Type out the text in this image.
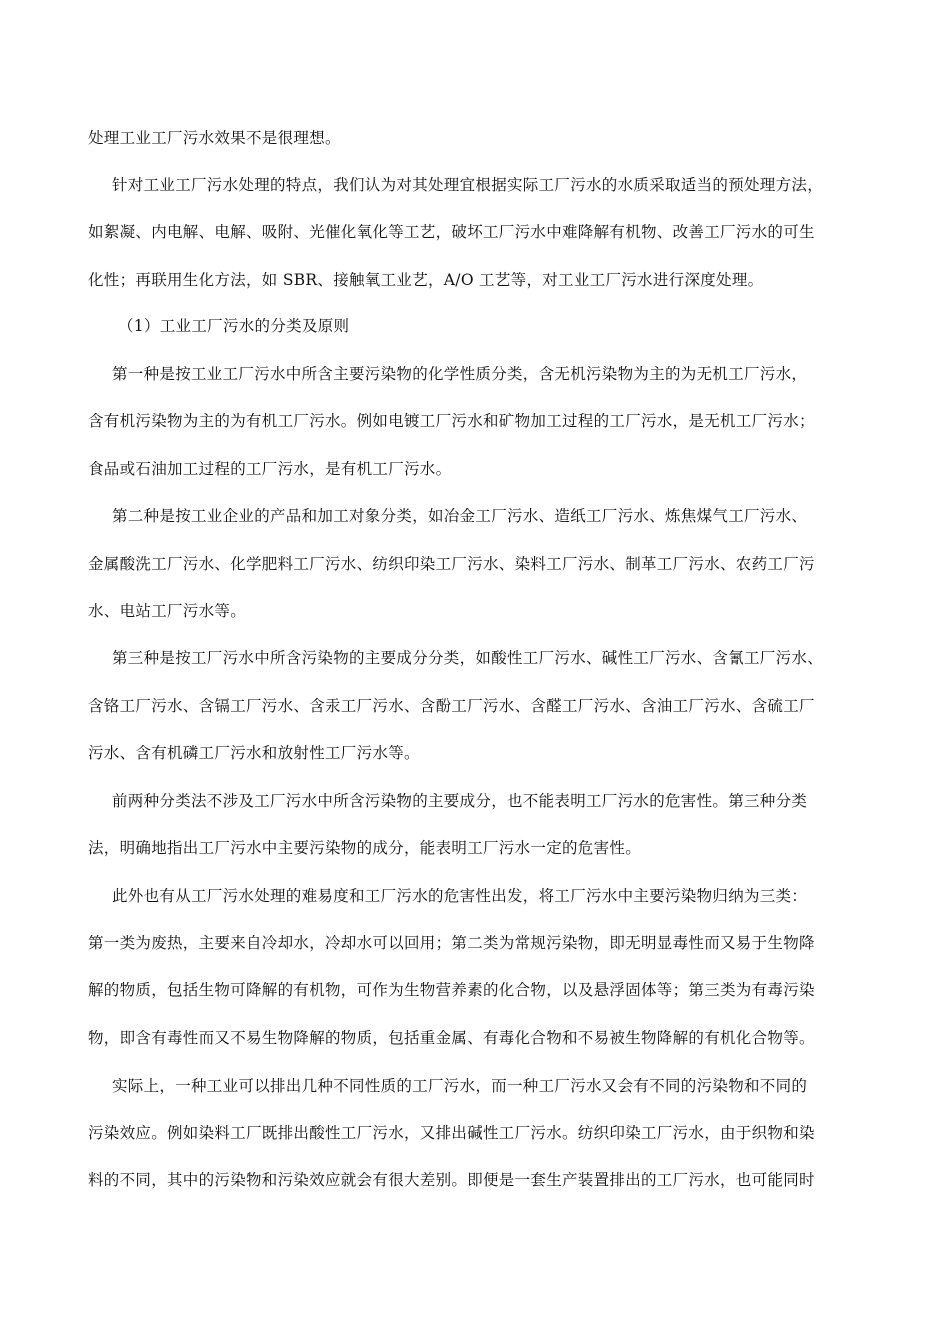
处理工业工厂污水效果不是很理想。
针对工业工厂污水处理的特点，我们认为对其处理宜根据实际工厂污水的水质采取适当的预处理方法，
如絮凝、内电解、电解、吸附、光催化氧化等工艺，破坏工厂污水中难降解有机物、改善工厂污水的可生
化性；再联用生化方法，如 SBR、接触氧工业艺，A/O 工艺等，对工业工厂污水进行深度处理。
（1）工业工厂污水的分类及原则
第一种是按工业工厂污水中所含主要污染物的化学性质分类，含无机污染物为主的为无机工厂污水，
含有机污染物为主的为有机工厂污水。例如电镀工厂污水和矿物加工过程的工厂污水，是无机工厂污水；
食品或石油加工过程的工厂污水，是有机工厂污水。
第二种是按工业企业的产品和加工对象分类，如冶金工厂污水、造纸工厂污水、炼焦煤气工厂污水、
金属酸洗工厂污水、化学肥料工厂污水、纺织印染工厂污水、染料工厂污水、制革工厂污水、农药工厂污
水、电站工厂污水等。
第三种是按工厂污水中所含污染物的主要成分分类，如酸性工厂污水、碱性工厂污水、含氰工厂污水、
含铬工厂污水、含镉工厂污水、含汞工厂污水、含酚工厂污水、含醛工厂污水、含油工厂污水、含硫工厂
污水、含有机磷工厂污水和放射性工厂污水等。
前两种分类法不涉及工厂污水中所含污染物的主要成分，也不能表明工厂污水的危害性。第三种分类
法，明确地指出工厂污水中主要污染物的成分，能表明工厂污水一定的危害性。
此外也有从工厂污水处理的难易度和工厂污水的危害性出发，将工厂污水中主要污染物归纳为三类：
第一类为废热，主要来自冷却水，冷却水可以回用；第二类为常规污染物，即无明显毒性而又易于生物降
解的物质，包括生物可降解的有机物，可作为生物营养素的化合物，以及悬浮固体等；第三类为有毒污染
物，即含有毒性而又不易生物降解的物质，包括重金属、有毒化合物和不易被生物降解的有机化合物等。
实际上，一种工业可以排出几种不同性质的工厂污水，而一种工厂污水又会有不同的污染物和不同的
污染效应。例如染料工厂既排出酸性工厂污水，又排出碱性工厂污水。纺织印染工厂污水，由于织物和染
料的不同，其中的污染物和污染效应就会有很大差别。即便是一套生产装置排出的工厂污水，也可能同时
